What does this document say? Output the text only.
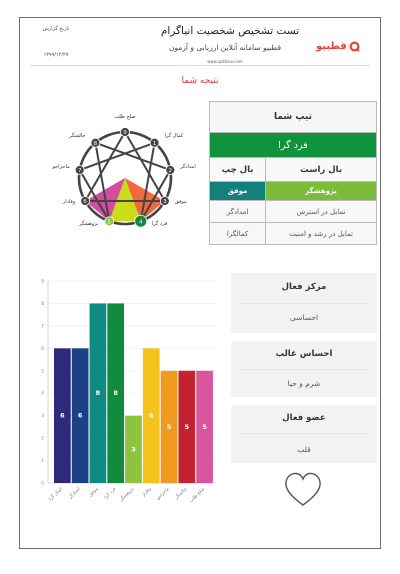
تست تشخیص شخصیت انیاگرام
قطبیو سامانه آنلاین ارزیابی و آزمون
www.qotbioo.com
تاریخ گزارش
۱۳۹۹/۱۲/۲۷
قطبیو
نتیجه شما
9
صلح طلب
1
کمال گرا
2
امدادگر
3 موفق
4 فرد گرا
5
پژوهشگر
6
وفادار
7
ماجراجو
8
چالشگر
تیپ شما	
فرد گرا	
بال راست	بال چپ
پژوهشگر	موفق
تمایل در استرس	امدادگر
تمایل در رشد و امنیت	کمالگرا
0
1
2
3
4
5
6
7
8
9
6
کمال گرا
6
امدادگر
8
موفق
8
فرد گرا
3
پژوهشگر
6
وفادار
5
ماجراجو
5
چالشگر
5
صلح طلب
مرکز فعال
احساسی
احساس غالب
شرم و حیا
عضو فعال
قلب
